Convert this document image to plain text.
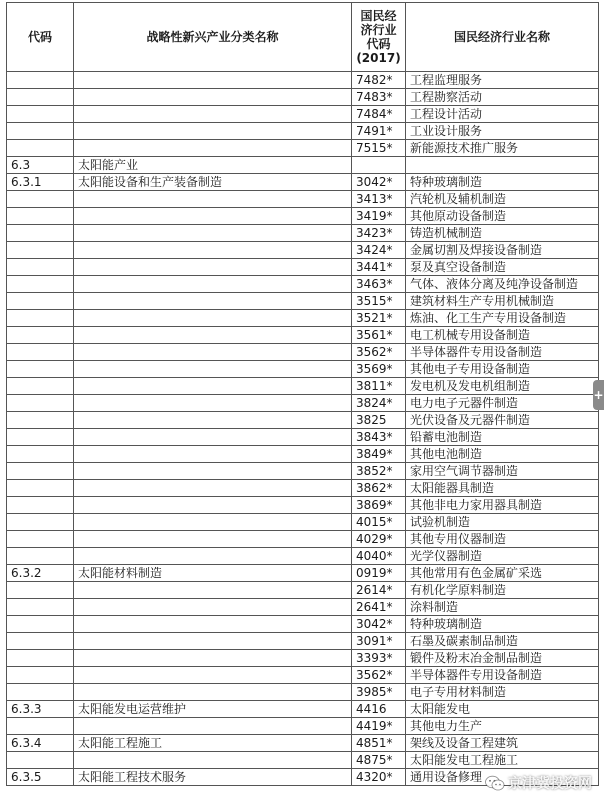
代码	战略性新兴产业分类名称	国民经
济行业
代码
(2017)	国民经济行业名称
		7482*	工程监理服务
		7483*	工程勘察活动
		7484*	工程设计活动
		7491*	工业设计服务
		7515*	新能源技术推广服务
6.3	太阳能产业		
6.3.1	太阳能设备和生产装备制造	3042*	特种玻璃制造
		3413*	汽轮机及辅机制造
		3419*	其他原动设备制造
		3423*	铸造机械制造
		3424*	金属切割及焊接设备制造
		3441*	泵及真空设备制造
		3463*	气体、液体分离及纯净设备制造
		3515*	建筑材料生产专用机械制造
		3521*	炼油、化工生产专用设备制造
		3561*	电工机械专用设备制造
		3562*	半导体器件专用设备制造
		3569*	其他电子专用设备制造
		3811*	发电机及发电机组制造
		3824*	电力电子元器件制造
		3825	光伏设备及元器件制造
		3843*	铅蓄电池制造
		3849*	其他电池制造
		3852*	家用空气调节器制造
		3862*	太阳能器具制造
		3869*	其他非电力家用器具制造
		4015*	试验机制造
		4029*	其他专用仪器制造
		4040*	光学仪器制造
6.3.2	太阳能材料制造	0919*	其他常用有色金属矿采选
		2614*	有机化学原料制造
		2641*	涂料制造
		3042*	特种玻璃制造
		3091*	石墨及碳素制品制造
		3393*	锻件及粉末冶金制品制造
		3562*	半导体器件专用设备制造
		3985*	电子专用材料制造
6.3.3	太阳能发电运营维护	4416	太阳能发电
		4419*	其他电力生产
6.3.4	太阳能工程施工	4851*	架线及设备工程建筑
		4875*	太阳能发电工程施工
6.3.5	太阳能工程技术服务	4320*	通用设备修理
+
京津冀投资网
